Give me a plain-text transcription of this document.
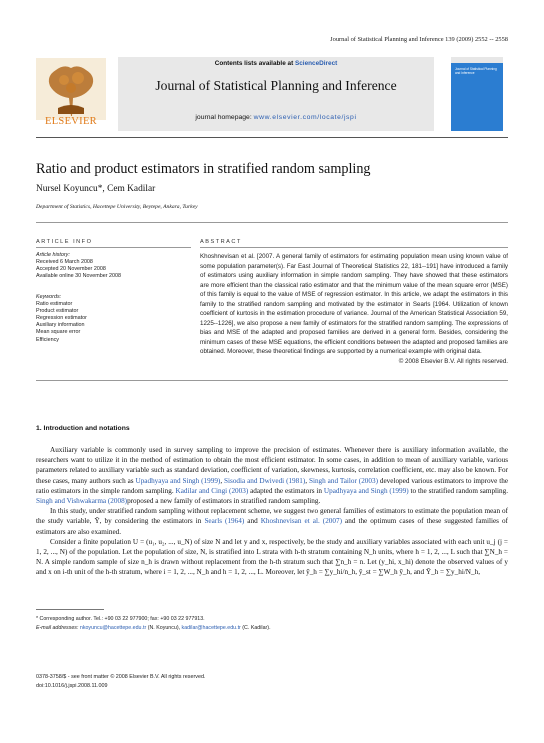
Journal of Statistical Planning and Inference 139 (2009) 2552 -- 2558
Contents lists available at ScienceDirect
Journal of Statistical Planning and Inference
journal homepage: www.elsevier.com/locate/jspi
ELSEVIER
Journal of Statistical Planning and Inference
Ratio and product estimators in stratified random sampling
Nursel Koyuncu*, Cem Kadilar
Department of Statistics, Hacettepe University, Beytepe, Ankara, Turkey
ARTICLE INFO	ABSTRACT
Article history:
Received 6 March 2008
Accepted 20 November 2008
Available online 30 November 2008
Keywords:
Ratio estimator
Product estimator
Regression estimator
Auxiliary information
Mean square error
Efficiency
Khoshnevisan et al. [2007. A general family of estimators for estimating population mean using known value of some population parameter(s). Far East Journal of Theoretical Statistics 22, 181--191] have introduced a family of estimators using auxiliary information in simple random sampling. They have showed that these estimators are more efficient than the classical ratio estimator and that the minimum value of the mean square error (MSE) of this family is equal to the value of MSE of regression estimator. In this article, we adapt the estimators in this family to the stratified random sampling and motivated by the estimator in Searls [1964. Utilization of known coefficient of kurtosis in the estimation procedure of variance. Journal of the American Statistical Association 59, 1225--1226], we also propose a new family of estimators for the stratified random sampling. The expressions of bias and MSE of the adapted and proposed families are derived in a general form. Besides, considering the minimum cases of these MSE equations, the efficient conditions between the adapted and proposed families are obtained. Moreover, these theoretical findings are supported by a numerical example with original data.
© 2008 Elsevier B.V. All rights reserved.
1. Introduction and notations

Auxiliary variable is commonly used in survey sampling to improve the precision of estimates. Whenever there is auxiliary information available, the researchers want to utilize it in the method of estimation to obtain the most efficient estimator. In some cases, in addition to mean of auxiliary variable, various parameters related to auxiliary variable such as standard deviation, coefficient of variation, skewness, kurtosis, correlation coefficient, etc. may also be known. For these cases, many authors such as Upadhyaya and Singh (1999), Sisodia and Dwivedi (1981), Singh and Tailor (2003) developed various estimators to improve the ratio estimators in the simple random sampling. Kadilar and Cingi (2003) adapted the estimators in Upadhyaya and Singh (1999) to the stratified random sampling. Singh and Vishwakarma (2008)proposed a new family of estimators in stratified random sampling.

In this study, under stratified random sampling without replacement scheme, we suggest two general families of estimators to estimate the population mean of the study variable, Ȳ, by considering the estimators in Searls (1964) and Khoshnevisan et al. (2007) and the optimum cases of these suggested families of estimators are also examined.

Consider a finite population U = (u₁, u₂, ..., u_N) of size N and let y and x, respectively, be the study and auxiliary variables associated with each unit u_j (j = 1, 2, ..., N) of the population. Let the population of size, N, is stratified into L strata with h-th stratum containing N_h units, where h = 1, 2, ..., L such that ∑N_h = N. A simple random sample of size n_h is drawn without replacement from the h-th stratum such that ∑n_h = n. Let (y_hi, x_hi) denote the observed values of y and x on i-th unit of the h-th stratum, where i = 1, 2, ..., N_h and h = 1, 2, ..., L. Moreover, let ȳ_h = ∑y_hi/n_h, ȳ_st = ∑W_h ȳ_h, and Ȳ_h = ∑y_hi/N_h,

* Corresponding author. Tel.: +90 03 22 977900; fax: +90 03 22 977913.
E-mail addresses: nkoyuncu@hacettepe.edu.tr (N. Koyuncu), kadilar@hacettepe.edu.tr (C. Kadilar).
0378-3758/$ - see front matter © 2008 Elsevier B.V. All rights reserved.
doi:10.1016/j.jspi.2008.11.009
